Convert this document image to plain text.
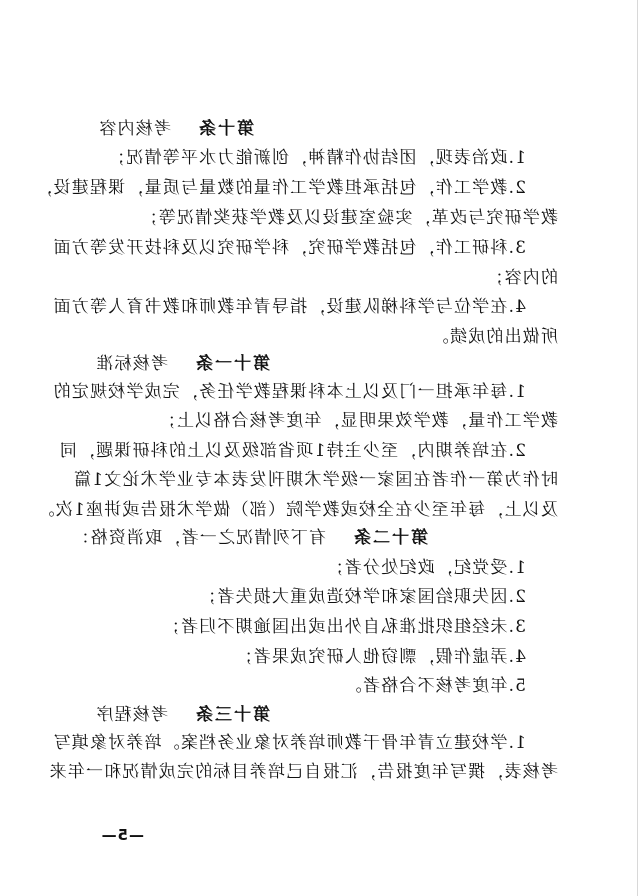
第十条考核内容
1.政治表现，团结协作精神，创新能力水平等情况；
2.教学工作，包括承担教学工作量的数量与质量，课程建设，
教学研究与改革，实验室建设以及教学获奖情况等；
3.科研工作，包括教学研究，科学研究以及科技开发等方面
的内容；
4.在学位与学科梯队建设，指导青年教师和教书育人等方面
所做出的成绩。
第十一条考核标准
1.每年承担一门及以上本科课程教学任务，完成学校规定的
教学工作量，教学效果明显，年度考核合格以上；
2.在培养期内，至少主持1项省部级及以上的科研课题，同
时作为第一作者在国家一级学术期刊发表本专业学术论文1篇
及以上，每年至少在全校或教学院（部）做学术报告或讲座1次。
第十二条有下列情况之一者，取消资格：
1.受党纪，政纪处分者；
2.因失职给国家和学校造成重大损失者；
3.未经组织批准私自外出或出国逾期不归者；
4.弄虚作假，剽窃他人研究成果者；
5.年度考核不合格者。
第十三条考核程序
1.学校建立青年骨干教师培养对象业务档案。培养对象填写
考核表，撰写年度报告，汇报自己培养目标的完成情况和一年来
—5—
